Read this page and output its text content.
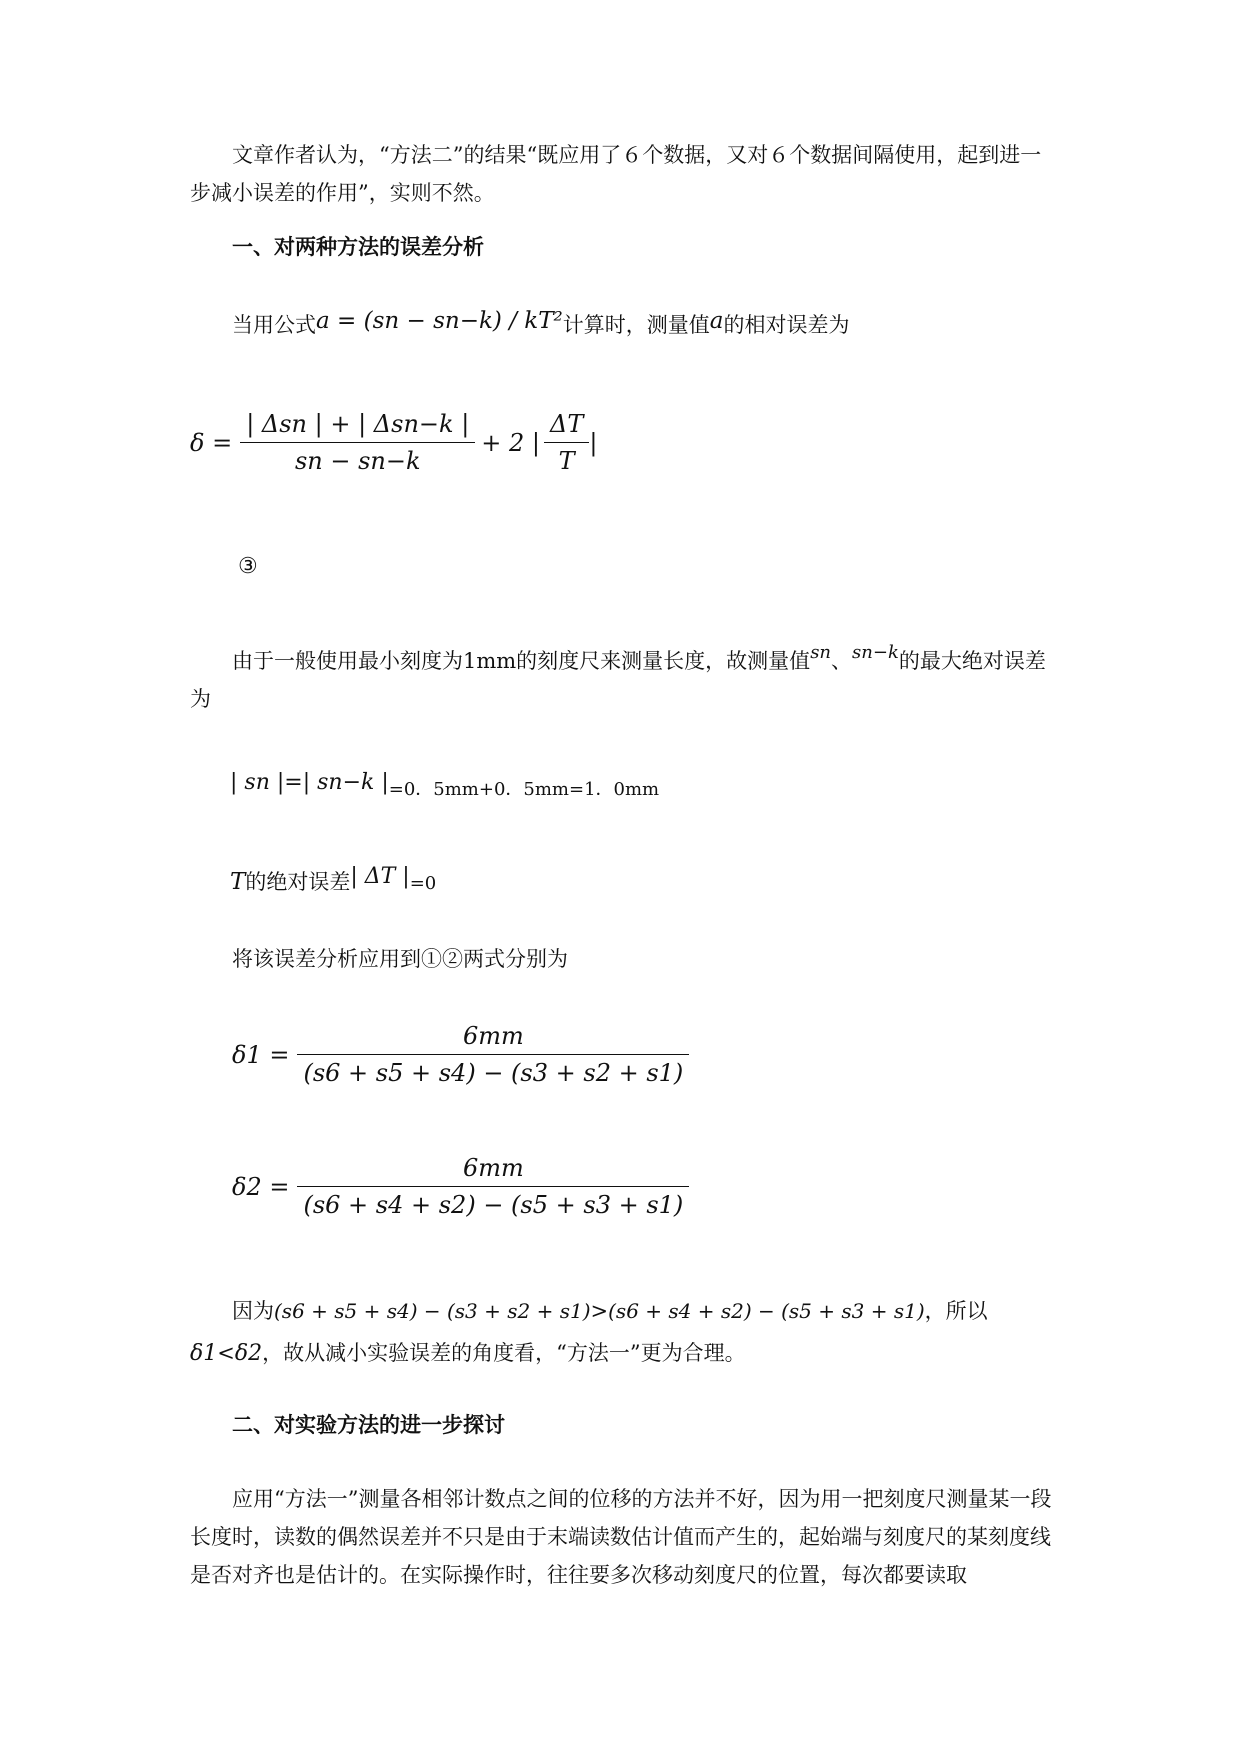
文章作者认为，“方法二”的结果“既应用了６个数据，又对６个数据间隔使用，起到进一步减小误差的作用”，实则不然。
一、对两种方法的误差分析
当用公式a = (sn − sn−k) / kT²计算时，测量值a的相对误差为
$\delta = \frac{\text{| Δsn | + | Δsn−k |}}{sn - sn-k} + 2$ | $\frac{\Delta T}{T}$ |
③
由于一般使用最小刻度为1mm的刻度尺来测量长度，故测量值sn、sn−k的最大绝对误差为
| sn |=| sn−k |=0．5mm+0．5mm=1．0mm
T的绝对误差| ΔT |=0
将该误差分析应用到①②两式分别为
$\delta 1 = \frac{6mm}{(s6 + s5 + s4) - (s3 + s2 + s1)}$
$\delta 2 = \frac{6mm}{(s6 + s4 + s2) - (s5 + s3 + s1)}$
因为(s6 + s5 + s4) − (s3 + s2 + s1)>(s6 + s4 + s2) − (s5 + s3 + s1)，所以δ1<δ2，故从减小实验误差的角度看，“方法一”更为合理。
二、对实验方法的进一步探讨
应用“方法一”测量各相邻计数点之间的位移的方法并不好，因为用一把刻度尺测量某一段长度时，读数的偶然误差并不只是由于末端读数估计值而产生的，起始端与刻度尺的某刻度线是否对齐也是估计的。在实际操作时，往往要多次移动刻度尺的位置，每次都要读取
